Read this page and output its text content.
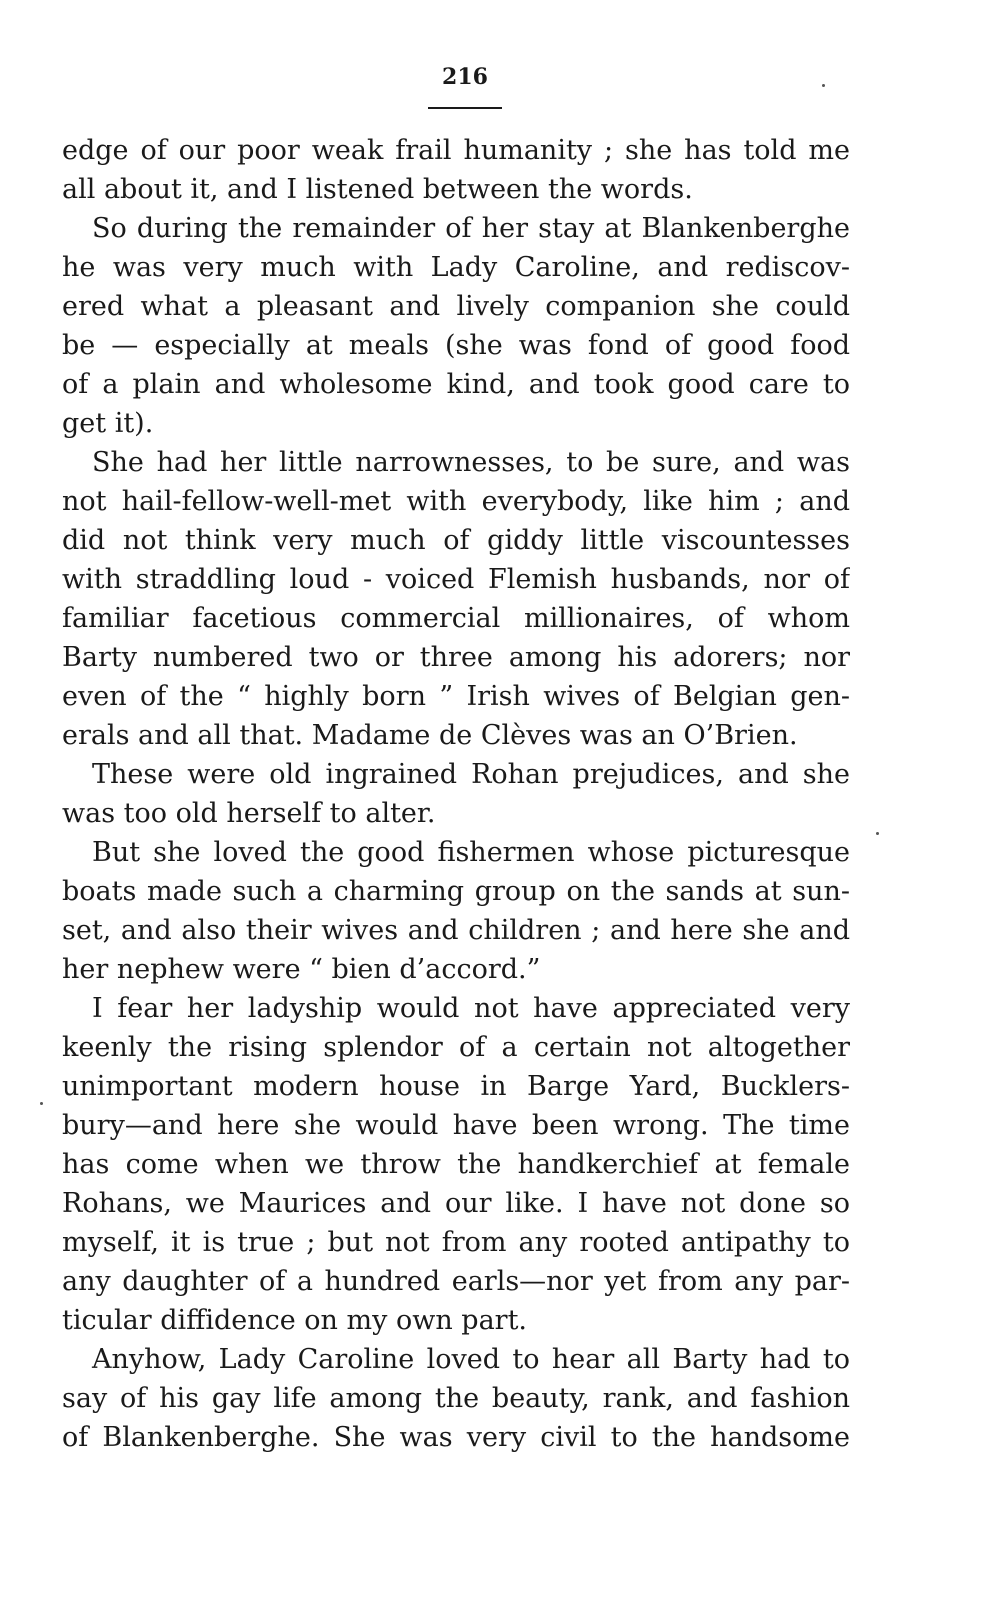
216
edge of our poor weak frail humanity ; she has told me
all about it, and I listened between the words.
So during the remainder of her stay at Blankenberghe
he was very much with Lady Caroline, and rediscov-
ered what a pleasant and lively companion she could
be — especially at meals (she was fond of good food
of a plain and wholesome kind, and took good care to
get it).
She had her little narrownesses, to be sure, and was
not hail-fellow-well-met with everybody, like him ; and
did not think very much of giddy little viscountesses
with straddling loud - voiced Flemish husbands, nor of
familiar facetious commercial millionaires, of whom
Barty numbered two or three among his adorers; nor
even of the “ highly born ” Irish wives of Belgian gen-
erals and all that. Madame de Clèves was an O’Brien.
These were old ingrained Rohan prejudices, and she
was too old herself to alter.
But she loved the good fishermen whose picturesque
boats made such a charming group on the sands at sun-
set, and also their wives and children ; and here she and
her nephew were “ bien d’accord.”
I fear her ladyship would not have appreciated very
keenly the rising splendor of a certain not altogether
unimportant modern house in Barge Yard, Bucklers-
bury—and here she would have been wrong. The time
has come when we throw the handkerchief at female
Rohans, we Maurices and our like. I have not done so
myself, it is true ; but not from any rooted antipathy to
any daughter of a hundred earls—nor yet from any par-
ticular diffidence on my own part.
Anyhow, Lady Caroline loved to hear all Barty had to
say of his gay life among the beauty, rank, and fashion
of Blankenberghe. She was very civil to the handsome
